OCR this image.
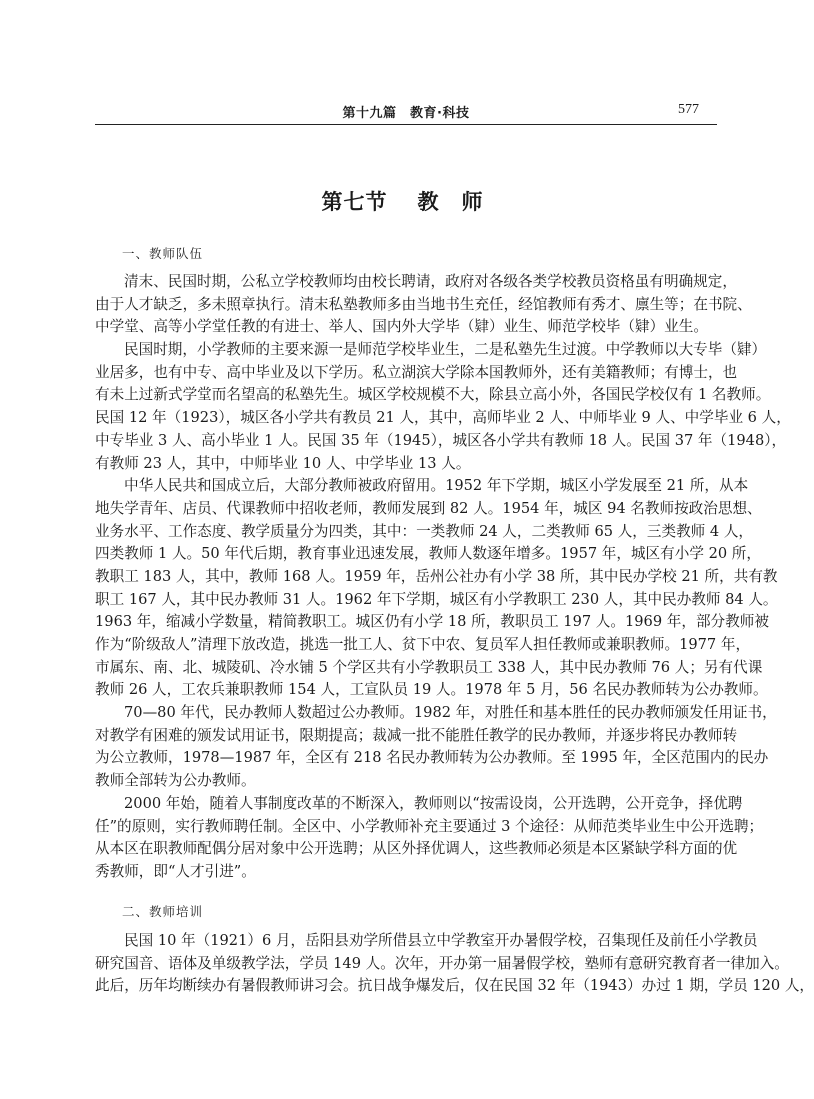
第十九篇　教育·科技	577
第七节 教 师
一、教师队伍
清末、民国时期，公私立学校教师均由校长聘请，政府对各级各类学校教员资格虽有明确规定，
由于人才缺乏，多未照章执行。清末私塾教师多由当地书生充任，经馆教师有秀才、廪生等；在书院、
中学堂、高等小学堂任教的有进士、举人、国内外大学毕（肄）业生、师范学校毕（肄）业生。
民国时期，小学教师的主要来源一是师范学校毕业生，二是私塾先生过渡。中学教师以大专毕（肄）
业居多，也有中专、高中毕业及以下学历。私立湖滨大学除本国教师外，还有美籍教师；有博士，也
有未上过新式学堂而名望高的私塾先生。城区学校规模不大，除县立高小外，各国民学校仅有 1 名教师。
民国 12 年（1923），城区各小学共有教员 21 人，其中，高师毕业 2 人、中师毕业 9 人、中学毕业 6 人，
中专毕业 3 人、高小毕业 1 人。民国 35 年（1945），城区各小学共有教师 18 人。民国 37 年（1948），
有教师 23 人，其中，中师毕业 10 人、中学毕业 13 人。
中华人民共和国成立后，大部分教师被政府留用。1952 年下学期，城区小学发展至 21 所，从本
地失学青年、店员、代课教师中招收老师，教师发展到 82 人。1954 年，城区 94 名教师按政治思想、
业务水平、工作态度、教学质量分为四类，其中：一类教师 24 人，二类教师 65 人，三类教师 4 人，
四类教师 1 人。50 年代后期，教育事业迅速发展，教师人数逐年增多。1957 年，城区有小学 20 所，
教职工 183 人，其中，教师 168 人。1959 年，岳州公社办有小学 38 所，其中民办学校 21 所，共有教
职工 167 人，其中民办教师 31 人。1962 年下学期，城区有小学教职工 230 人，其中民办教师 84 人。
1963 年，缩减小学数量，精简教职工。城区仍有小学 18 所，教职员工 197 人。1969 年，部分教师被
作为“阶级敌人”清理下放改造，挑选一批工人、贫下中农、复员军人担任教师或兼职教师。1977 年，
市属东、南、北、城陵矶、冷水铺 5 个学区共有小学教职员工 338 人，其中民办教师 76 人；另有代课
教师 26 人，工农兵兼职教师 154 人，工宣队员 19 人。1978 年 5 月，56 名民办教师转为公办教师。
70—80 年代，民办教师人数超过公办教师。1982 年，对胜任和基本胜任的民办教师颁发任用证书，
对教学有困难的颁发试用证书，限期提高；裁减一批不能胜任教学的民办教师，并逐步将民办教师转
为公立教师，1978—1987 年，全区有 218 名民办教师转为公办教师。至 1995 年，全区范围内的民办
教师全部转为公办教师。
2000 年始，随着人事制度改革的不断深入，教师则以“按需设岗，公开选聘，公开竞争，择优聘
任”的原则，实行教师聘任制。全区中、小学教师补充主要通过 3 个途径：从师范类毕业生中公开选聘；
从本区在职教师配偶分居对象中公开选聘；从区外择优调人，这些教师必须是本区紧缺学科方面的优
秀教师，即“人才引进”。
二、教师培训
民国 10 年（1921）6 月，岳阳县劝学所借县立中学教室开办暑假学校，召集现任及前任小学教员
研究国音、语体及单级教学法，学员 149 人。次年，开办第一届暑假学校，塾师有意研究教育者一律加入。
此后，历年均断续办有暑假教师讲习会。抗日战争爆发后，仅在民国 32 年（1943）办过 1 期，学员 120 人，
